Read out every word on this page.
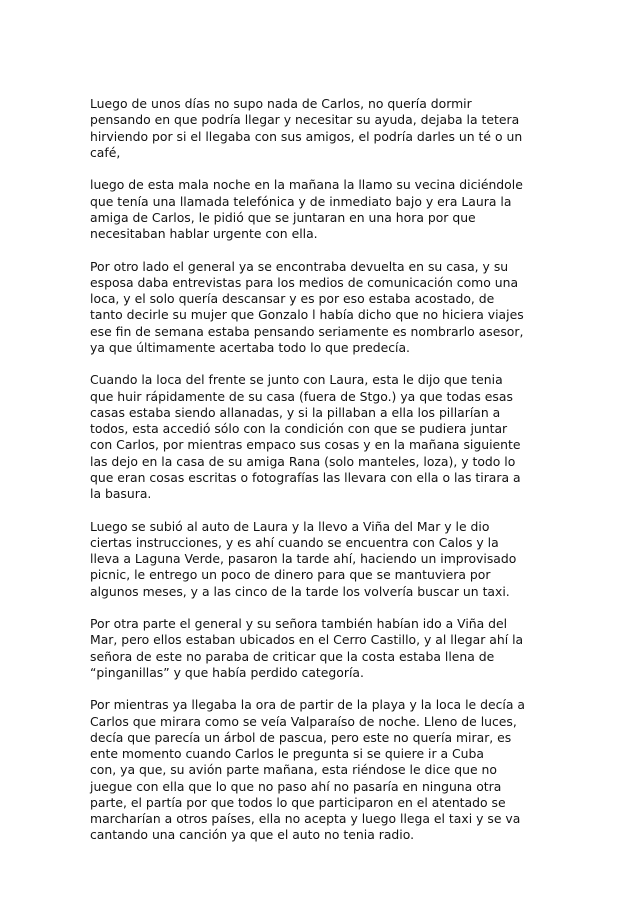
Luego de unos días no supo nada de Carlos, no quería dormir
pensando en que podría llegar y necesitar su ayuda, dejaba la tetera
hirviendo por si el llegaba con sus amigos, el podría darles un té o un
café,

luego de esta mala noche en la mañana la llamo su vecina diciéndole
que tenía una llamada telefónica y de inmediato bajo y era Laura la
amiga de Carlos, le pidió que se juntaran en una hora por que
necesitaban hablar urgente con ella.

Por otro lado el general ya se encontraba devuelta en su casa, y su
esposa daba entrevistas para los medios de comunicación como una
loca, y el solo quería descansar y es por eso estaba acostado, de
tanto decirle su mujer que Gonzalo l había dicho que no hiciera viajes
ese fin de semana estaba pensando seriamente es nombrarlo asesor,
ya que últimamente acertaba todo lo que predecía.

Cuando la loca del frente se junto con Laura, esta le dijo que tenia
que huir rápidamente de su casa (fuera de Stgo.) ya que todas esas
casas estaba siendo allanadas, y si la pillaban a ella los pillarían a
todos, esta accedió sólo con la condición con que se pudiera juntar
con Carlos, por mientras empaco sus cosas y en la mañana siguiente
las dejo en la casa de su amiga Rana (solo manteles, loza), y todo lo
que eran cosas escritas o fotografías las llevara con ella o las tirara a
la basura.

Luego se subió al auto de Laura y la llevo a Viña del Mar y le dio
ciertas instrucciones, y es ahí cuando se encuentra con Calos y la
lleva a Laguna Verde, pasaron la tarde ahí, haciendo un improvisado
picnic, le entrego un poco de dinero para que se mantuviera por
algunos meses, y a las cinco de la tarde los volvería buscar un taxi.

Por otra parte el general y su señora también habían ido a Viña del
Mar, pero ellos estaban ubicados en el Cerro Castillo, y al llegar ahí la
señora de este no paraba de criticar que la costa estaba llena de
“pinganillas” y que había perdido categoría.

Por mientras ya llegaba la ora de partir de la playa y la loca le decía a
Carlos que mirara como se veía Valparaíso de noche. Lleno de luces,
decía que parecía un árbol de pascua, pero este no quería mirar, es
ente momento cuando Carlos le pregunta si se quiere ir a Cuba
con, ya que, su avión parte mañana, esta riéndose le dice que no
juegue con ella que lo que no paso ahí no pasaría en ninguna otra
parte, el partía por que todos lo que participaron en el atentado se
marcharían a otros países, ella no acepta y luego llega el taxi y se va
cantando una canción ya que el auto no tenia radio.
